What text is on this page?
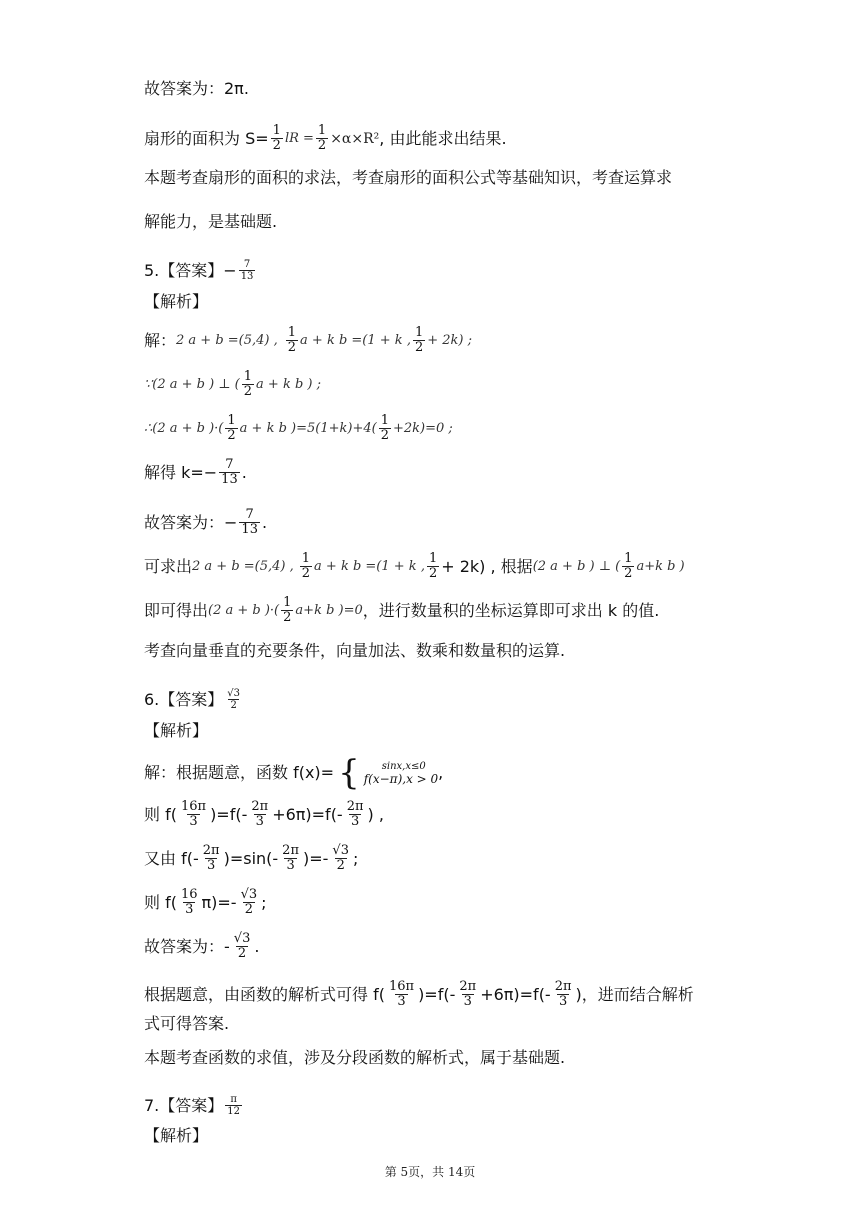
故答案为：2π.
扇形的面积为 $S= \frac{1}{2}$ lR = $\frac{1}{2} \times\alpha\times R^2$ , 由此能求出结果.
本题考查扇形的面积的求法，考查扇形的面积公式等基础知识，考查运算求
解能力，是基础题.
5.【答案】 − $\frac{7}{13}$
【解析】
解： 2 a + b =(5,4) , $\frac{1}{2}$ a + k b =(1 + k , $\frac{1}{2} + 2k$) ;
∵(2 a + b ) ⊥ ( $\frac{1}{2}$ a + k b ) ;
∴(2 a + b )·( $\frac{1}{2}$ a + k b )$=5(1+k)+4( \frac{1}{2} +2k)=0$ ;
解得 $k=- \frac{7}{13}$ .
故答案为：− $\frac{7}{13}$ .
可求出 2 a + b =(5,4) , $\frac{1}{2}$ a + k b =(1 + k , $\frac{1}{2} + 2k$) , 根据 (2 a + b ) ⊥ ( $\frac{1}{2} a+k$ b )
即可得出 (2 a + b )·( $\frac{1}{2} a+k$ b )=0 ，进行数量积的坐标运算即可求出 k 的值.
考查向量垂直的充要条件，向量加法、数乘和数量积的运算.
6.【答案】 $\frac{√3}{2}$
【解析】
解：根据题意，函数 f(x)= {	sinx,x≤0
f(x−π),x > 0 ,
则 $f( \frac{16\pi}{3} )=f(- \frac{2\pi}{3} +6\pi)=f(- \frac{2\pi}{3}$ ) ,
又由 $f(- \frac{2\pi}{3} )=\sin(- \frac{2\pi}{3}$ )=- $\frac{√3}{2}$ ;
则 $f( \frac{16}{3} \pi)=- \frac{√3}{2}$ ;
故答案为：- $\frac{√3}{2}$ .
根据题意，由函数的解析式可得 $f( \frac{16\pi}{3} )=f(- \frac{2\pi}{3} +6\pi)=f(- \frac{2\pi}{3}$ )，进而结合解析
式可得答案.
本题考查函数的求值，涉及分段函数的解析式，属于基础题.
7.【答案】 $\frac{\pi}{12}$
【解析】
第 5页，共 14页
